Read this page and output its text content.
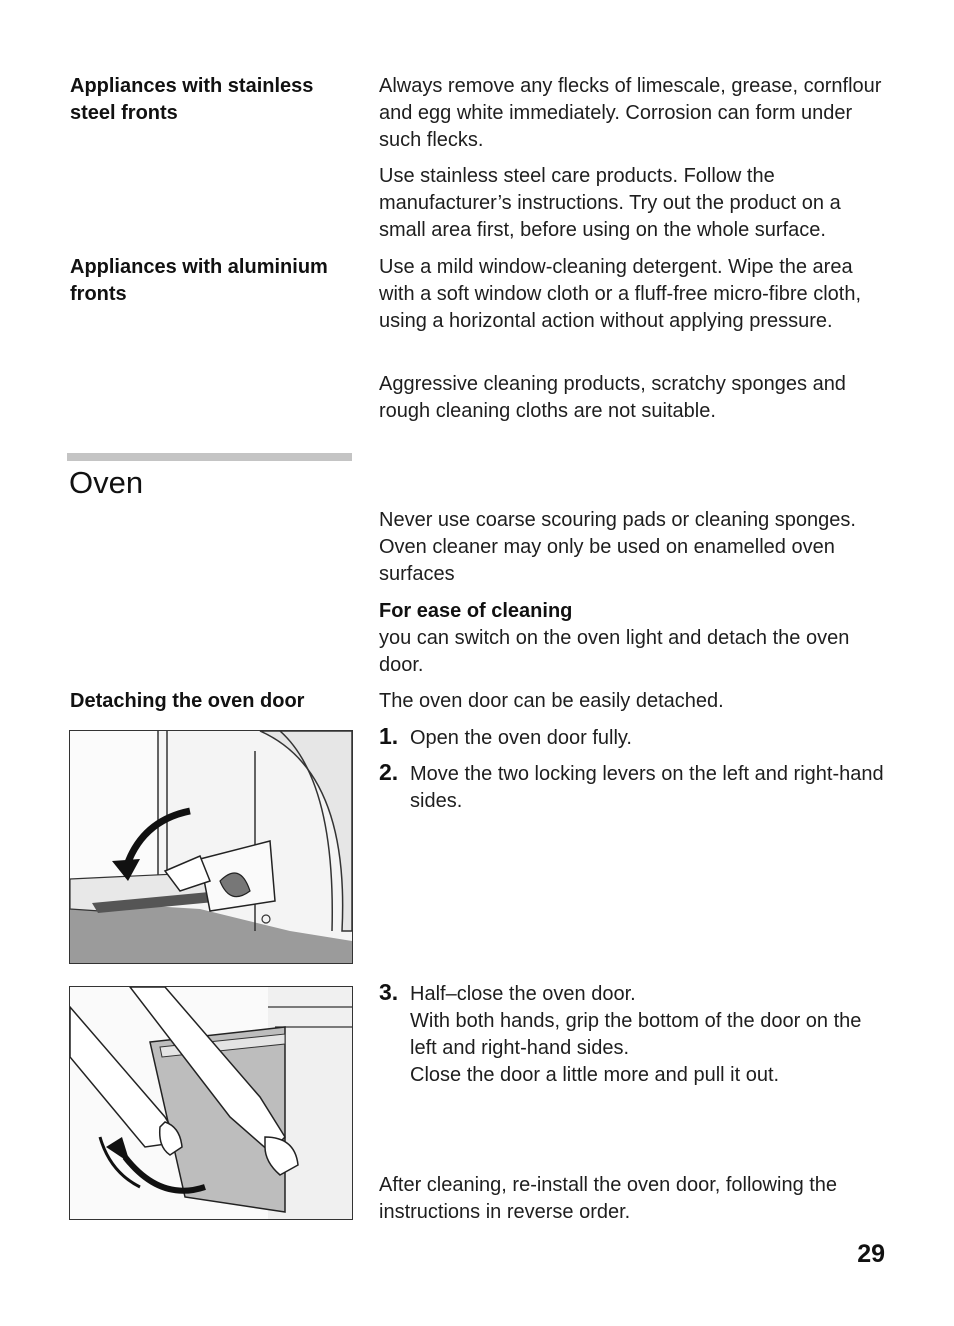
Appliances with stainless steel fronts
Always remove any flecks of limescale, grease, cornflour and egg white immediately. Corrosion can form under such flecks.
Use stainless steel care products. Follow the manufacturer’s instructions. Try out the product on a small area first, before using on the whole surface.
Appliances with aluminium fronts
Use a mild window-cleaning detergent. Wipe the area with a soft window cloth or a fluff-free micro-fibre cloth, using a horizontal action without applying pressure.
Aggressive cleaning products, scratchy sponges and rough cleaning cloths are not suitable.
Oven
Never use coarse scouring pads or cleaning sponges. Oven cleaner may only be used on enamelled oven surfaces
For ease of cleaning
you can switch on the oven light and detach the oven door.
Detaching the oven door	The oven door can be easily detached.
1. Open the oven door fully.
2. Move the two locking levers on the left and right-hand sides.
3. Half–close the oven door.
With both hands, grip the bottom of the door on the left and right-hand sides.
Close the door a little more and pull it out.
After cleaning, re-install the oven door, following the instructions in reverse order.
29
